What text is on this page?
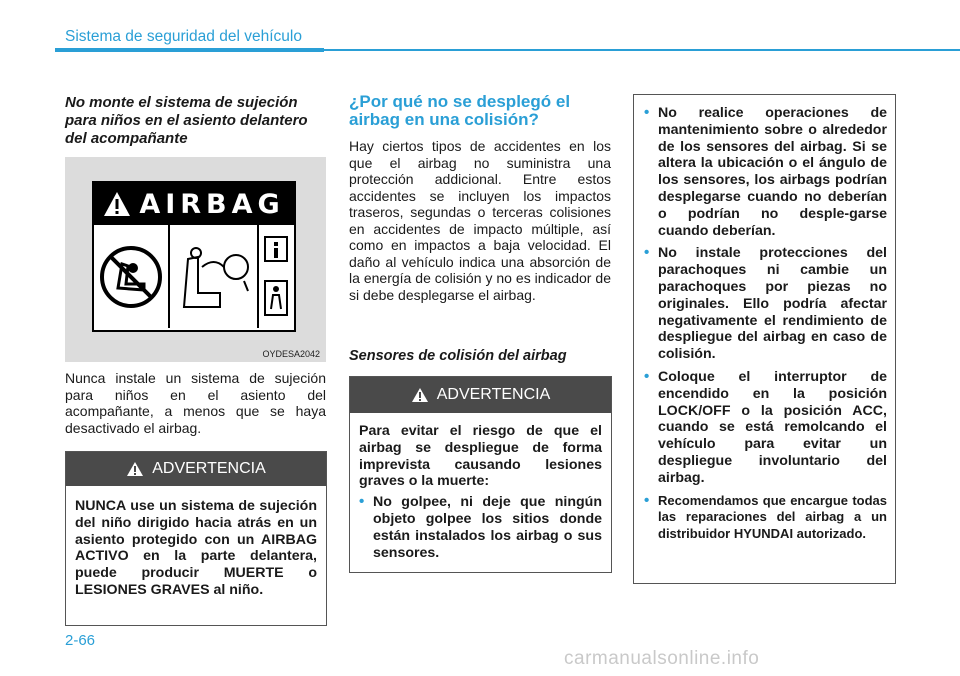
Sistema de seguridad del vehículo
No monte el sistema de sujeción para niños en el asiento delantero del acompañante
AIRBAG
OYDESA2042
Nunca instale un sistema de sujeción para niños en el asiento del acompañante, a menos que se haya desactivado el airbag.
ADVERTENCIA
NUNCA use un sistema de sujeción del niño dirigido hacia atrás en un asiento protegido con un AIRBAG ACTIVO en la parte delantera, puede producir MUERTE o LESIONES GRAVES al niño.
¿Por qué no se desplegó el airbag en una colisión?
Hay ciertos tipos de accidentes en los que el airbag no suministra una protección addicional. Entre estos accidentes se incluyen los impactos traseros, segundas o terceras colisiones en accidentes de impacto múltiple, así como en impactos a baja velocidad. El daño al vehículo indica una absorción de la energía de colisión y no es indicador de si debe desplegarse el airbag.
Sensores de colisión del airbag
ADVERTENCIA
Para evitar el riesgo de que el airbag se despliegue de forma imprevista causando lesiones graves o la muerte:
• No golpee, ni deje que ningún objeto golpee los sitios donde están instalados los airbag o sus sensores.
• No realice operaciones de mantenimiento sobre o alrededor de los sensores del airbag. Si se altera la ubicación o el ángulo de los sensores, los airbags podrían desplegarse cuando no deberían o podrían no desple-garse cuando deberían.
• No instale protecciones del parachoques ni cambie un parachoques por piezas no originales. Ello podría afectar negativamente el rendimiento de despliegue del airbag en caso de colisión.
• Coloque el interruptor de encendido en la posición LOCK/OFF o la posición ACC, cuando se está remolcando el vehículo para evitar un despliegue involuntario del airbag.
• Recomendamos que encargue todas las reparaciones del airbag a un distribuidor HYUNDAI autorizado.
2-66
carmanualsonline.info
